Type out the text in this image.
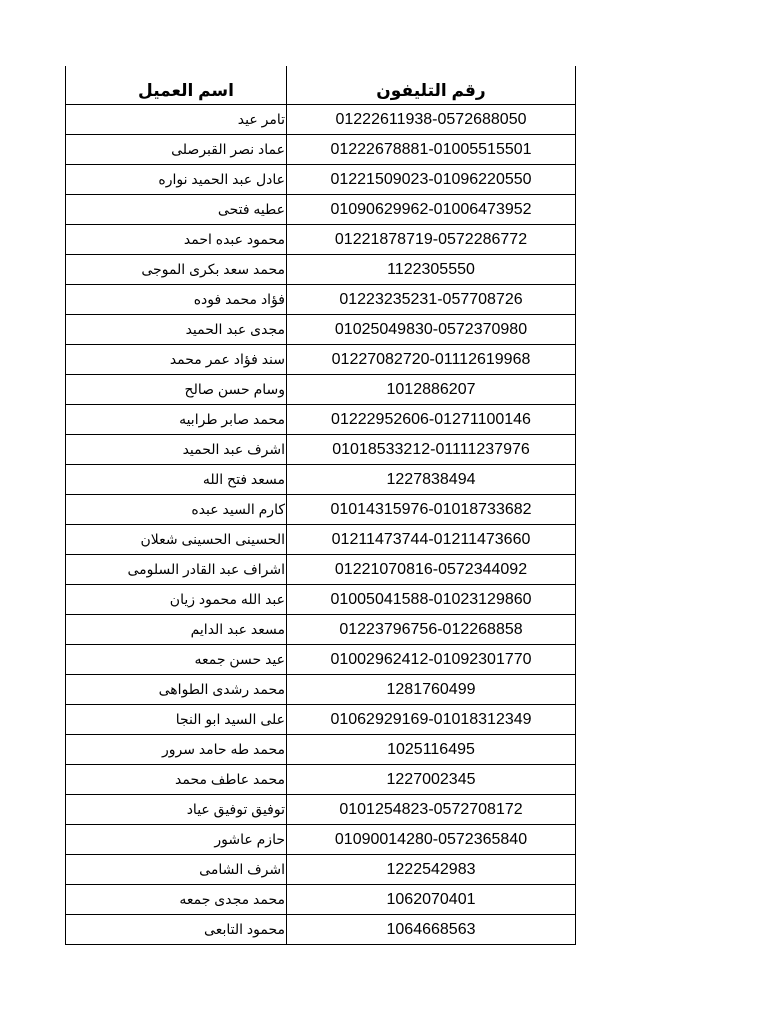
اسم العميل	رقم التليفون
تامر عيد	01222611938-0572688050
عماد نصر القبرصلى	01222678881-01005515501
عادل عبد الحميد نواره	01221509023-01096220550
عطيه فتحى	01090629962-01006473952
محمود عبده احمد	01221878719-0572286772
محمد سعد بكرى الموجى	1122305550
فؤاد محمد فوده	01223235231-057708726
مجدى عبد الحميد	01025049830-0572370980
سند فؤاد عمر محمد	01227082720-01112619968
وسام حسن صالح	1012886207
محمد صابر طرابيه	01222952606-01271100146
اشرف عبد الحميد	01018533212-01111237976
مسعد فتح الله	1227838494
كارم السيد عبده	01014315976-01018733682
الحسينى الحسينى شعلان	01211473744-01211473660
اشراف عبد القادر السلومى	01221070816-0572344092
عبد الله محمود زيان	01005041588-01023129860
مسعد عبد الدايم	01223796756-012268858
عيد حسن جمعه	01002962412-01092301770
محمد رشدى الطواهى	1281760499
على السيد ابو النجا	01062929169-01018312349
محمد طه حامد سرور	1025116495
محمد عاطف محمد	1227002345
توفيق توفيق عياد	0101254823-0572708172
حازم عاشور	01090014280-0572365840
اشرف الشامى	1222542983
محمد مجدى جمعه	1062070401
محمود التابعى	1064668563
